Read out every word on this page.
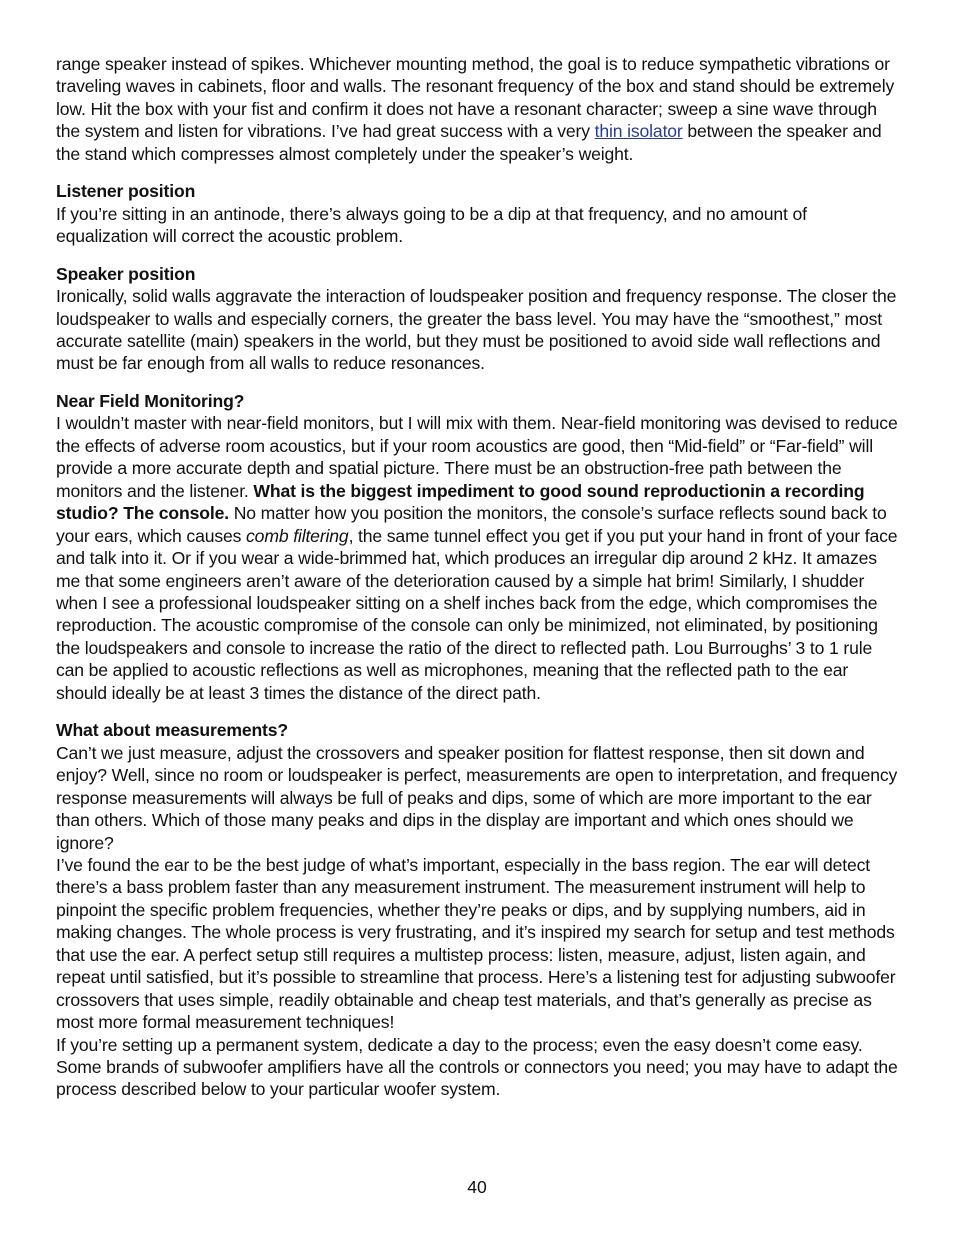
range speaker instead of spikes. Whichever mounting method, the goal is to reduce sympathetic vibrations or traveling waves in cabinets, floor and walls. The resonant frequency of the box and stand should be extremely low. Hit the box with your fist and confirm it does not have a resonant character; sweep a sine wave through the system and listen for vibrations. I’ve had great success with a very thin isolator between the speaker and the stand which compresses almost completely under the speaker’s weight.

Listener position

If you’re sitting in an antinode, there’s always going to be a dip at that frequency, and no amount of equalization will correct the acoustic problem.

Speaker position

Ironically, solid walls aggravate the interaction of loudspeaker position and frequency response. The closer the loudspeaker to walls and especially corners, the greater the bass level. You may have the “smoothest,” most accurate satellite (main) speakers in the world, but they must be positioned to avoid side wall reflections and must be far enough from all walls to reduce resonances.

Near Field Monitoring?

I wouldn’t master with near-field monitors, but I will mix with them. Near-field monitoring was devised to reduce the effects of adverse room acoustics, but if your room acoustics are good, then “Mid-field” or “Far-field” will provide a more accurate depth and spatial picture. There must be an obstruction-free path between the monitors and the listener. What is the biggest impediment to good sound reproductionin a recording studio? The console. No matter how you position the monitors, the console’s surface reflects sound back to your ears, which causes comb filtering, the same tunnel effect you get if you put your hand in front of your face and talk into it. Or if you wear a wide-brimmed hat, which produces an irregular dip around 2 kHz. It amazes me that some engineers aren’t aware of the deterioration caused by a simple hat brim! Similarly, I shudder when I see a professional loudspeaker sitting on a shelf inches back from the edge, which compromises the reproduction. The acoustic compromise of the console can only be minimized, not eliminated, by positioning the loudspeakers and console to increase the ratio of the direct to reflected path. Lou Burroughs’ 3 to 1 rule can be applied to acoustic reflections as well as microphones, meaning that the reflected path to the ear should ideally be at least 3 times the distance of the direct path.

What about measurements?

Can’t we just measure, adjust the crossovers and speaker position for flattest response, then sit down and enjoy? Well, since no room or loudspeaker is perfect, measurements are open to interpretation, and frequency response measurements will always be full of peaks and dips, some of which are more important to the ear than others. Which of those many peaks and dips in the display are important and which ones should we ignore?

I’ve found the ear to be the best judge of what’s important, especially in the bass region. The ear will detect there’s a bass problem faster than any measurement instrument. The measurement instrument will help to pinpoint the specific problem frequencies, whether they’re peaks or dips, and by supplying numbers, aid in making changes. The whole process is very frustrating, and it’s inspired my search for setup and test methods that use the ear. A perfect setup still requires a multistep process: listen, measure, adjust, listen again, and repeat until satisfied, but it’s possible to streamline that process. Here’s a listening test for adjusting subwoofer crossovers that uses simple, readily obtainable and cheap test materials, and that’s generally as precise as most more formal measurement techniques!

If you’re setting up a permanent system, dedicate a day to the process; even the easy doesn’t come easy. Some brands of subwoofer amplifiers have all the controls or connectors you need; you may have to adapt the process described below to your particular woofer system.

40
